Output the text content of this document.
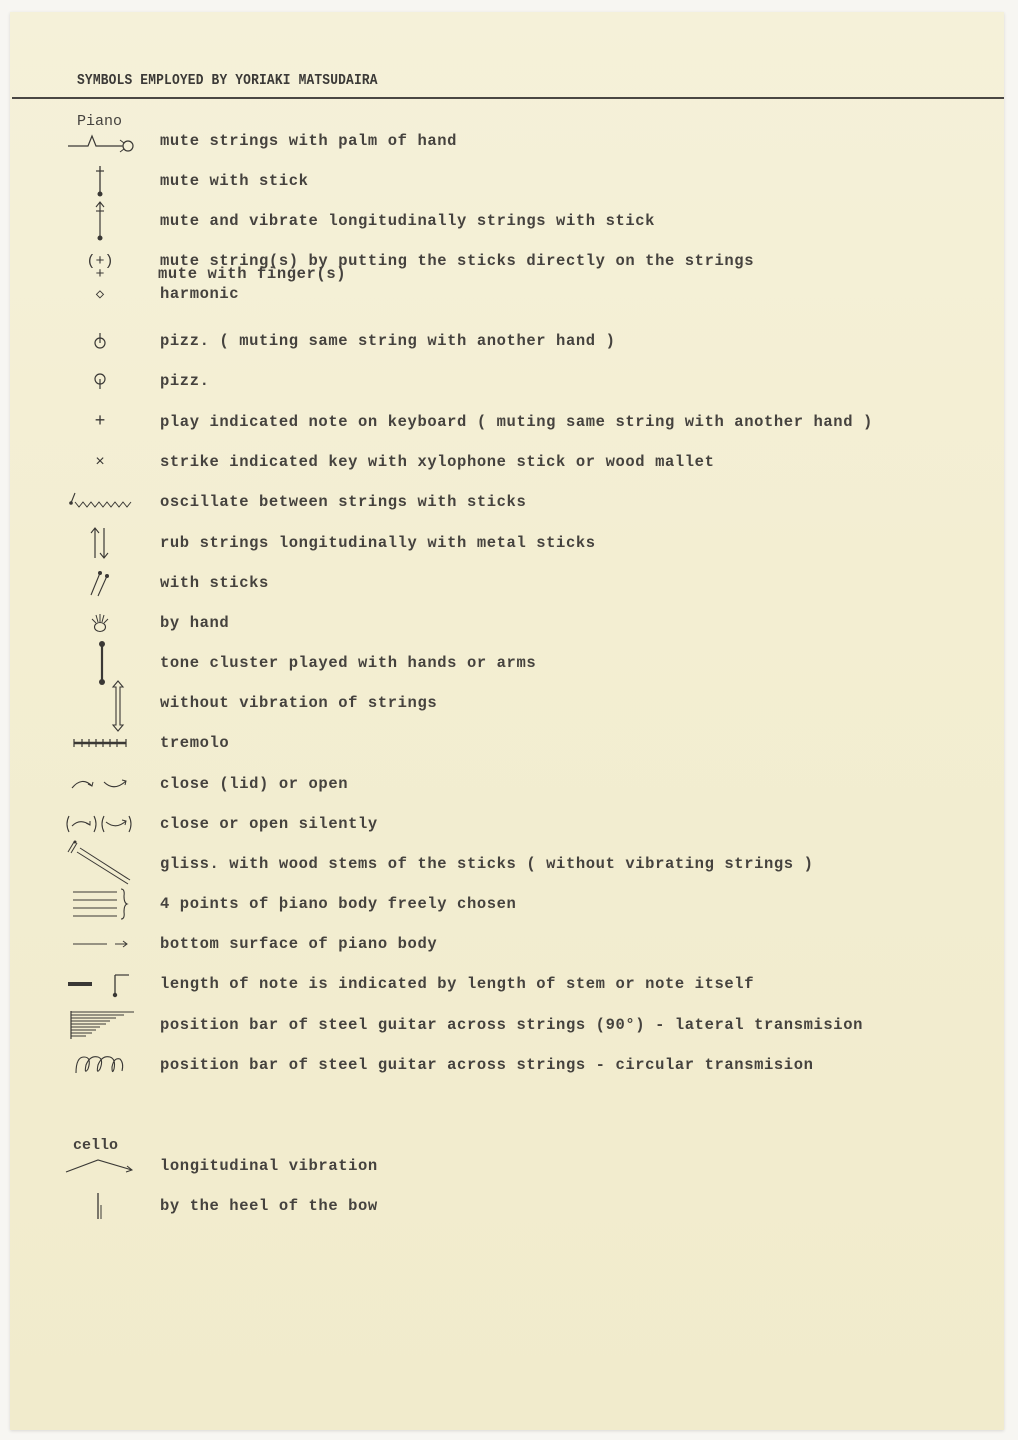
SYMBOLS EMPLOYED BY YORIAKI MATSUDAIRA
Piano
mute strings with palm of hand
mute with stick
mute and vibrate longitudinally strings with stick
(+)	mute string(s) by putting the sticks directly on the strings
+	mute with finger(s)
◇	harmonic
pizz. ( muting same string with another hand )
pizz.
+	play indicated note on keyboard ( muting same string with another hand )
×	strike indicated key with xylophone stick or wood mallet
oscillate between strings with sticks
rub strings longitudinally with metal sticks
with sticks
by hand
tone cluster played with hands or arms
without vibration of strings
tremolo
close (lid) or open
close or open silently
gliss. with wood stems of the sticks ( without vibrating strings )
4 points of þiano body freely chosen
bottom surface of piano body
length of note is indicated by length of stem or note itself
position bar of steel guitar across strings (90°) - lateral transmision
position bar of steel guitar across strings - circular transmision
cello
longitudinal vibration
by the heel of the bow
